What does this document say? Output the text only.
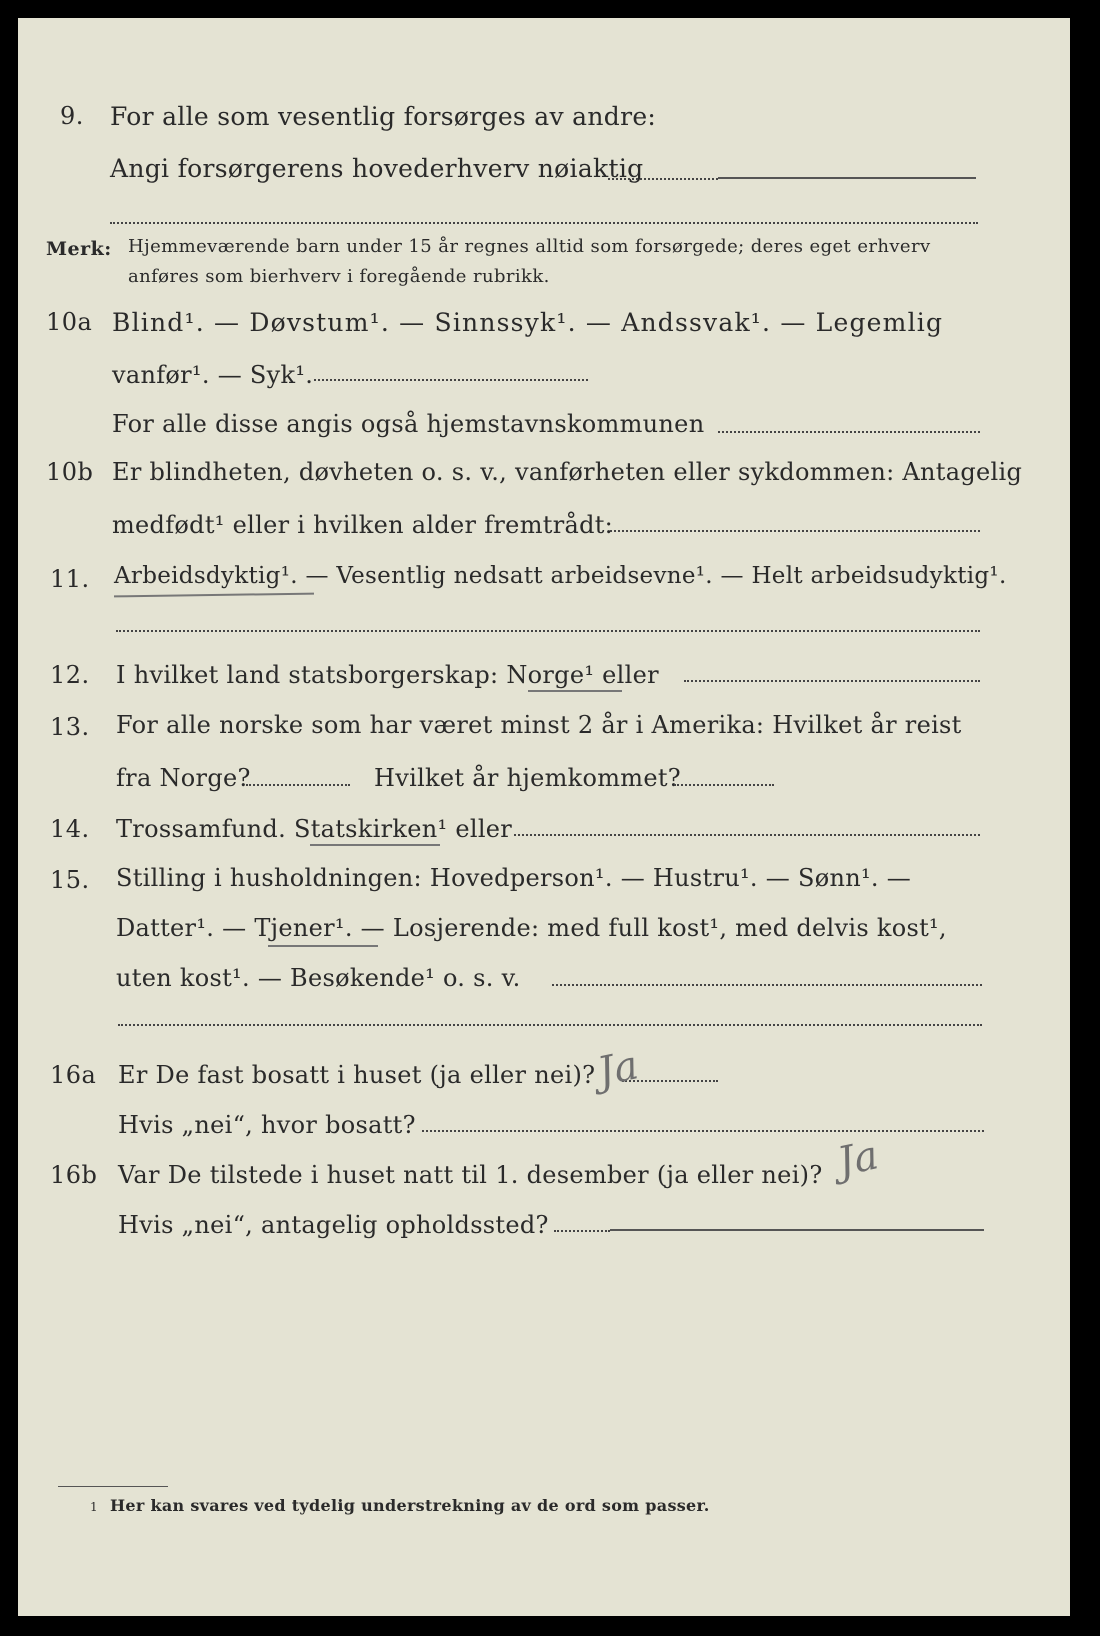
9. For alle som vesentlig forsørges av andre:
Angi forsørgerens hovederhverv nøiaktig
Merk: Hjemmeværende barn under 15 år regnes alltid som forsørgede; deres eget erhverv
anføres som bierhverv i foregående rubrikk.
10a Blind¹. — Døvstum¹. — Sinnssyk¹. — Andssvak¹. — Legemlig
vanfør¹. — Syk¹.
For alle disse angis også hjemstavnskommunen
10b Er blindheten, døvheten o. s. v., vanførheten eller sykdommen: Antagelig
medfødt¹ eller i hvilken alder fremtrådt:
11. Arbeidsdyktig¹. — Vesentlig nedsatt arbeidsevne¹. — Helt arbeidsudyktig¹.
12. I hvilket land statsborgerskap: Norge¹ eller
13. For alle norske som har været minst 2 år i Amerika: Hvilket år reist
fra Norge?	Hvilket år hjemkommet?
14. Trossamfund. Statskirken¹ eller
15. Stilling i husholdningen: Hovedperson¹. — Hustru¹. — Sønn¹. —
Datter¹. — Tjener¹. — Losjerende: med full kost¹, med delvis kost¹,
uten kost¹. — Besøkende¹ o. s. v.
16a Er De fast bosatt i huset (ja eller nei)?
Ja
Hvis „nei“, hvor bosatt?
16b Var De tilstede i huset natt til 1. desember (ja eller nei)? Ja
Hvis „nei“, antagelig opholdssted?
1 Her kan svares ved tydelig understrekning av de ord som passer.
